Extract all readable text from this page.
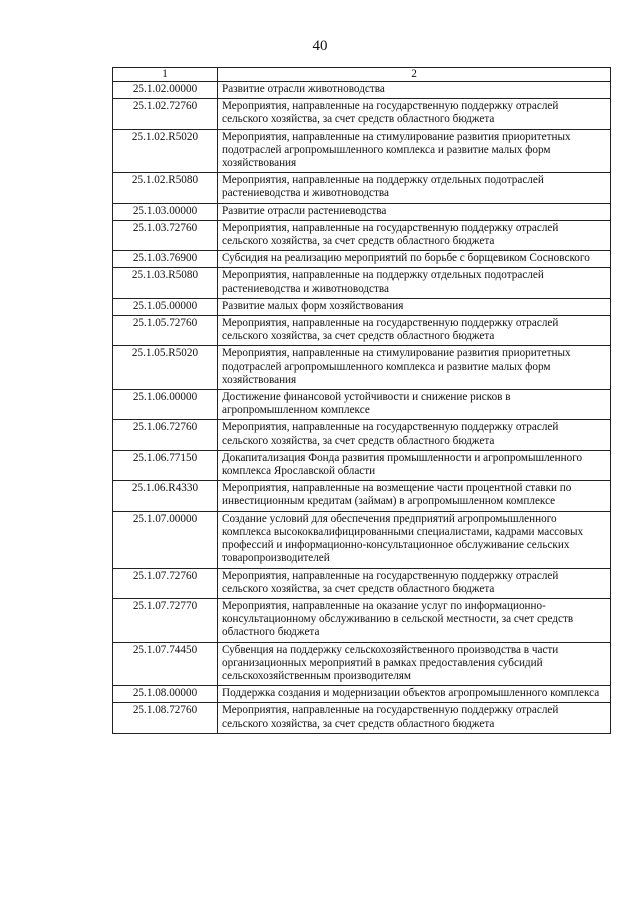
40
1	2
25.1.02.00000	Развитие отрасли животноводства
25.1.02.72760	Мероприятия, направленные на государственную поддержку отраслей сельского хозяйства, за счет средств областного бюджета
25.1.02.R5020	Мероприятия, направленные на стимулирование развития приоритетных подотраслей агропромышленного комплекса и развитие малых форм хозяйствования
25.1.02.R5080	Мероприятия, направленные на поддержку отдельных подотраслей растениеводства и животноводства
25.1.03.00000	Развитие отрасли растениеводства
25.1.03.72760	Мероприятия, направленные на государственную поддержку отраслей сельского хозяйства, за счет средств областного бюджета
25.1.03.76900	Субсидия на реализацию мероприятий по борьбе с борщевиком Сосновского
25.1.03.R5080	Мероприятия, направленные на поддержку отдельных подотраслей растениеводства и животноводства
25.1.05.00000	Развитие малых форм хозяйствования
25.1.05.72760	Мероприятия, направленные на государственную поддержку отраслей сельского хозяйства, за счет средств областного бюджета
25.1.05.R5020	Мероприятия, направленные на стимулирование развития приоритетных подотраслей агропромышленного комплекса и развитие малых форм хозяйствования
25.1.06.00000	Достижение финансовой устойчивости и снижение рисков в агропромышленном комплексе
25.1.06.72760	Мероприятия, направленные на государственную поддержку отраслей сельского хозяйства, за счет средств областного бюджета
25.1.06.77150	Докапитализация Фонда развития промышленности и агропромышленного комплекса Ярославской области
25.1.06.R4330	Мероприятия, направленные на возмещение части процентной ставки по инвестиционным кредитам (займам) в агропромышленном комплексе
25.1.07.00000	Создание условий для обеспечения предприятий агропромышленного комплекса высококвалифицированными специалистами, кадрами массовых профессий и информационно-консультационное обслуживание сельских товаропроизводителей
25.1.07.72760	Мероприятия, направленные на государственную поддержку отраслей сельского хозяйства, за счет средств областного бюджета
25.1.07.72770	Мероприятия, направленные на оказание услуг по информационно-консультационному обслуживанию в сельской местности, за счет средств областного бюджета
25.1.07.74450	Субвенция на поддержку сельскохозяйственного производства в части организационных мероприятий в рамках предоставления субсидий сельскохозяйственным производителям
25.1.08.00000	Поддержка создания и модернизации объектов агропромышленного комплекса
25.1.08.72760	Мероприятия, направленные на государственную поддержку отраслей сельского хозяйства, за счет средств областного бюджета
